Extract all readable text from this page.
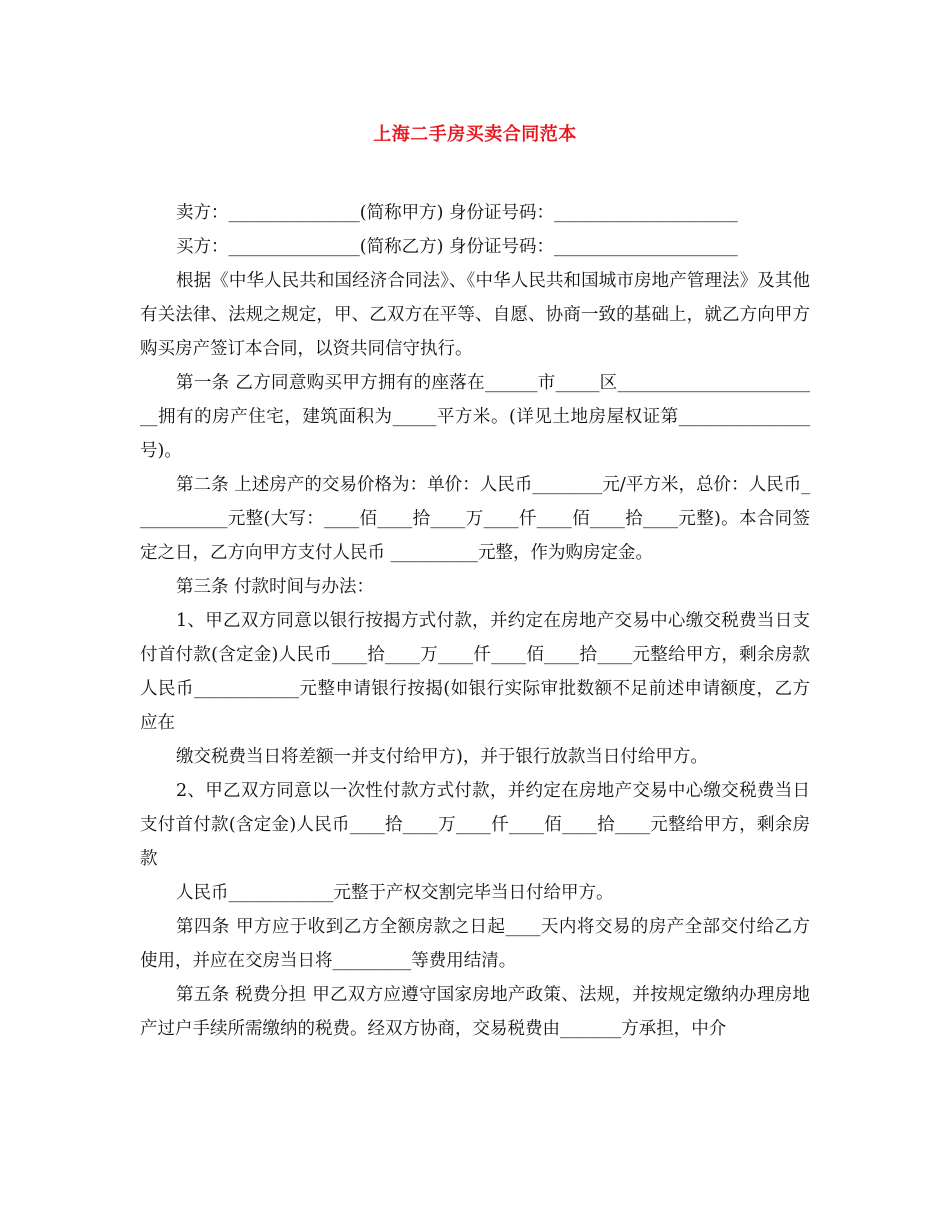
上海二手房买卖合同范本

卖方：_______________(简称甲方) 身份证号码：_____________________

买方：_______________(简称乙方) 身份证号码：_____________________

根据《中华人民共和国经济合同法》、《中华人民共和国城市房地产管理法》及其他有关法律、法规之规定，甲、乙双方在平等、自愿、协商一致的基础上，就乙方向甲方购买房产签订本合同，以资共同信守执行。

第一条 乙方同意购买甲方拥有的座落在______市_____区________________________拥有的房产住宅，建筑面积为_____平方米。(详见土地房屋权证第_______________号)。

第二条 上述房产的交易价格为：单价：人民币________元/平方米，总价：人民币___________元整(大写：____佰____拾____万____仟____佰____拾____元整)。本合同签定之日，乙方向甲方支付人民币 __________元整，作为购房定金。

第三条 付款时间与办法：

1、甲乙双方同意以银行按揭方式付款，并约定在房地产交易中心缴交税费当日支付首付款(含定金)人民币____拾____万____仟____佰____拾____元整给甲方，剩余房款人民币____________元整申请银行按揭(如银行实际审批数额不足前述申请额度，乙方应在

缴交税费当日将差额一并支付给甲方)，并于银行放款当日付给甲方。

2、甲乙双方同意以一次性付款方式付款，并约定在房地产交易中心缴交税费当日支付首付款(含定金)人民币____拾____万____仟____佰____拾____元整给甲方，剩余房款

人民币____________元整于产权交割完毕当日付给甲方。

第四条 甲方应于收到乙方全额房款之日起____天内将交易的房产全部交付给乙方使用，并应在交房当日将_________等费用结清。

第五条 税费分担 甲乙双方应遵守国家房地产政策、法规，并按规定缴纳办理房地产过户手续所需缴纳的税费。经双方协商，交易税费由_______方承担，中介
